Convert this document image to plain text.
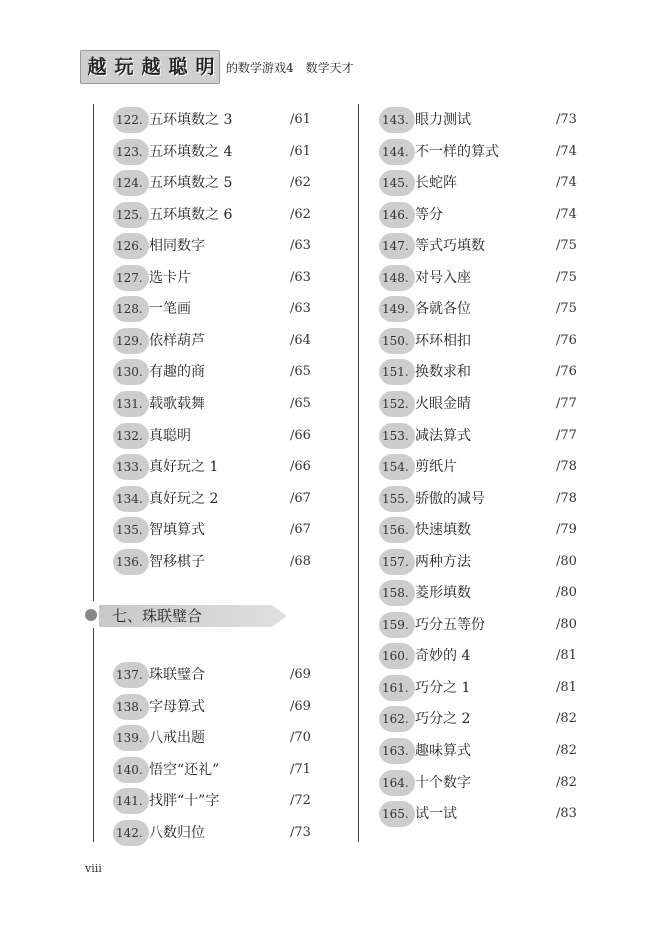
越 玩 越 聪 明 的数学游戏4 数学天才
122. 五环填数之 3	/61
123. 五环填数之 4	/61
124. 五环填数之 5	/62
125. 五环填数之 6	/62
126. 相同数字	/63
127. 选卡片	/63
128. 一笔画	/63
129. 依样葫芦	/64
130. 有趣的商	/65
131. 载歌载舞	/65
132. 真聪明	/66
133. 真好玩之 1	/66
134. 真好玩之 2	/67
135. 智填算式	/67
136. 智移棋子	/68
七、珠联璧合
137. 珠联璧合	/69
138. 字母算式	/69
139. 八戒出题	/70
140. 悟空“还礼”	/71
141. 找胖“十”字	/72
142. 八数归位	/73
143. 眼力测试	/73
144. 不一样的算式	/74
145. 长蛇阵	/74
146. 等分	/74
147. 等式巧填数	/75
148. 对号入座	/75
149. 各就各位	/75
150. 环环相扣	/76
151. 换数求和	/76
152. 火眼金睛	/77
153. 减法算式	/77
154. 剪纸片	/78
155. 骄傲的减号	/78
156. 快速填数	/79
157. 两种方法	/80
158. 菱形填数	/80
159. 巧分五等份	/80
160. 奇妙的 4	/81
161. 巧分之 1	/81
162. 巧分之 2	/82
163. 趣味算式	/82
164. 十个数字	/82
165. 试一试	/83
viii
